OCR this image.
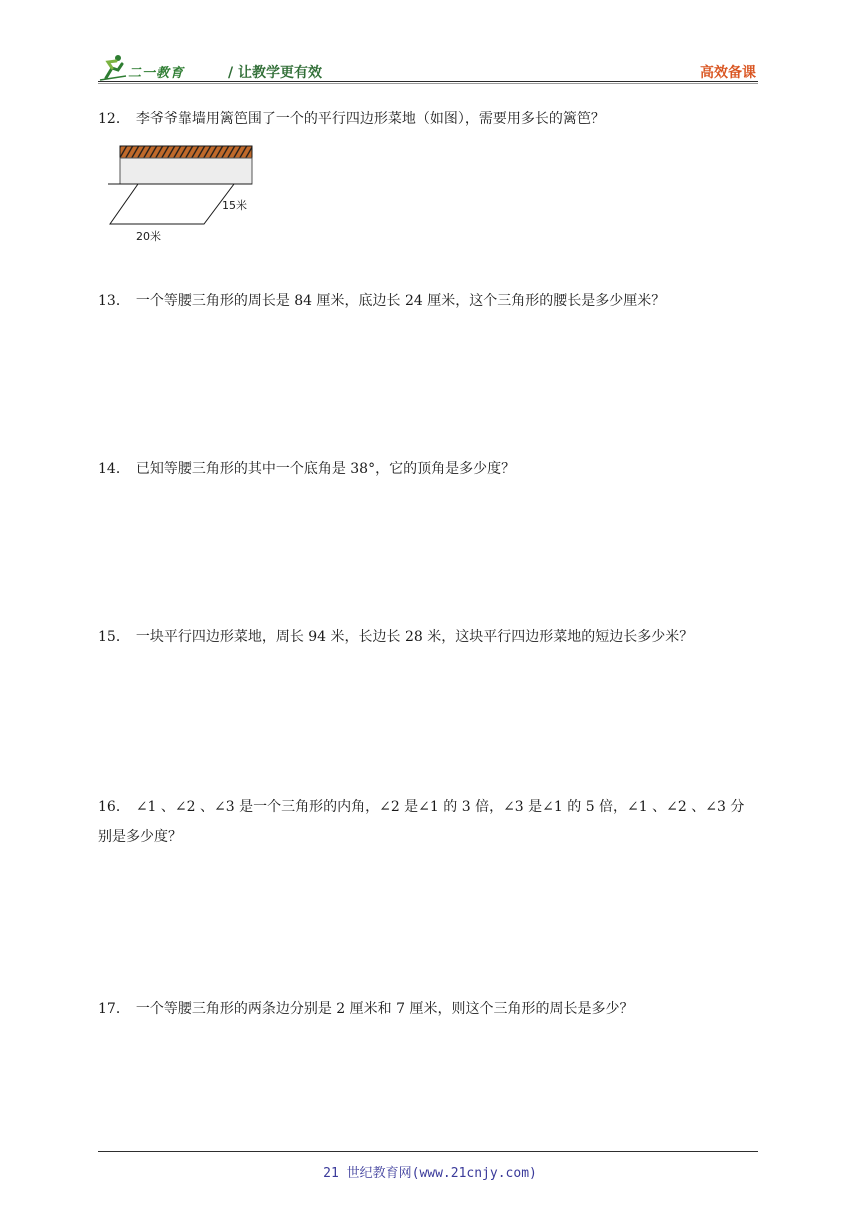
二一教育	/ 让教学更有效	高效备课
12． 李爷爷靠墙用篱笆围了一个的平行四边形菜地（如图），需要用多长的篱笆？
15米
20米
13． 一个等腰三角形的周长是 84 厘米，底边长 24 厘米，这个三角形的腰长是多少厘米？
14． 已知等腰三角形的其中一个底角是 38°，它的顶角是多少度？
15． 一块平行四边形菜地，周长 94 米，长边长 28 米，这块平行四边形菜地的短边长多少米？
16． ∠1 、∠2 、∠3 是一个三角形的内角，∠2 是∠1 的 3 倍，∠3 是∠1 的 5 倍，∠1 、∠2 、∠3 分别是多少度？
17． 一个等腰三角形的两条边分别是 2 厘米和 7 厘米，则这个三角形的周长是多少？
21 世纪教育网(www.21cnjy.com)
